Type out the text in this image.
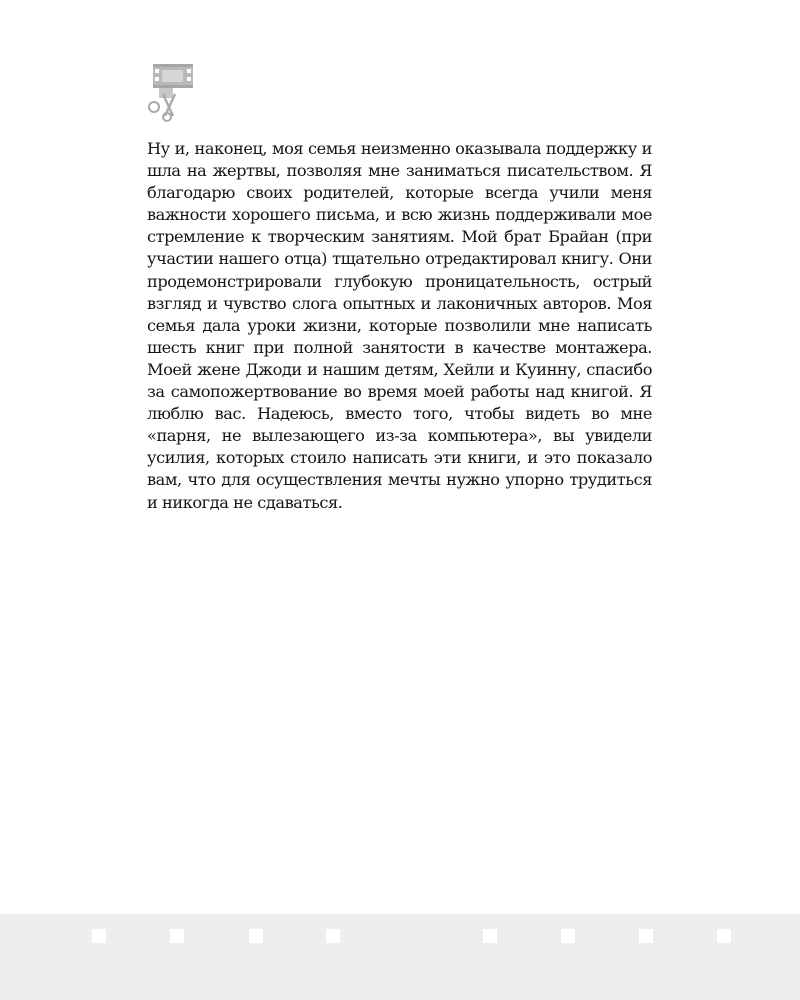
Ну и, наконец, моя семья неизменно оказывала поддержку и шла на жертвы, позволяя мне заниматься писательством. Я благодарю своих родителей, которые всегда учили меня важности хорошего письма, и всю жизнь поддерживали мое стремление к творческим занятиям. Мой брат Брайан (при участии нашего отца) тщательно отредактировал книгу. Они продемонстрировали глубокую проницательность, острый взгляд и чувство слога опытных и лаконичных авторов. Моя семья дала уроки жизни, которые позволили мне написать шесть книг при полной занятости в качестве монтажера. Моей жене Джоди и нашим детям, Хейли и Куинну, спасибо за самопожертвование во время моей работы над книгой. Я люблю вас. Надеюсь, вместо того, чтобы видеть во мне «парня, не вылезающего из-за компьютера», вы увидели усилия, которых стоило написать эти книги, и это показало вам, что для осуществления мечты нужно упорно трудиться и никогда не сдаваться.
